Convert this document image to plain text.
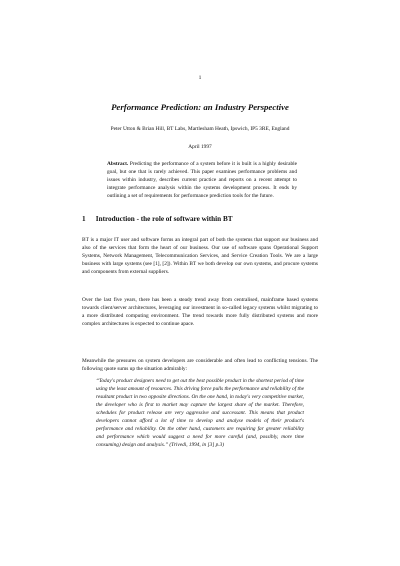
1
Performance Prediction: an Industry Perspective
Peter Utton & Brian Hill, BT Labs, Martlesham Heath, Ipswich, IP5 3RE, England
April 1997
Abstract. Predicting the performance of a system before it is built is a highly desirable goal, but one that is rarely achieved. This paper examines performance problems and issues within industry, describes current practice and reports on a recent attempt to integrate performance analysis within the systems development process. It ends by outlining a set of requirements for performance prediction tools for the future.
1 Introduction - the role of software within BT

BT is a major IT user and software forms an integral part of both the systems that support our business and also of the services that form the heart of our business. Our use of software spans Operational Support Systems, Network Management, Telecommunication Services, and Service Creation Tools. We are a large business with large systems (see [1], [2]). Within BT we both develop our own systems, and procure systems and components from external suppliers.

Over the last five years, there has been a steady trend away from centralised, mainframe based systems towards client/server architectures, leveraging our investment in so-called legacy systems whilst migrating to a more distributed computing environment. The trend towards more fully distributed systems and more complex architectures is expected to continue apace.

Meanwhile the pressures on system developers are considerable and often lead to conflicting tensions. The following quote sums up the situation admirably:

“Today's product designers need to get out the best possible product in the shortest period of time using the least amount of resources. This driving force pulls the performance and reliability of the resultant product in two opposite directions. On the one hand, in today's very competitive market, the developer who is first to market may capture the largest share of the market. Therefore, schedules for product release are very aggressive and successant. This means that product developers cannot afford a lot of time to develop and analyse models of their product's performance and reliability. On the other hand, customers are requiring far greater reliability and performance which would suggest a need for more careful (and, possibly, more time consuming) design and analysis.” (Trivedi, 1994, in [3] p.3)
